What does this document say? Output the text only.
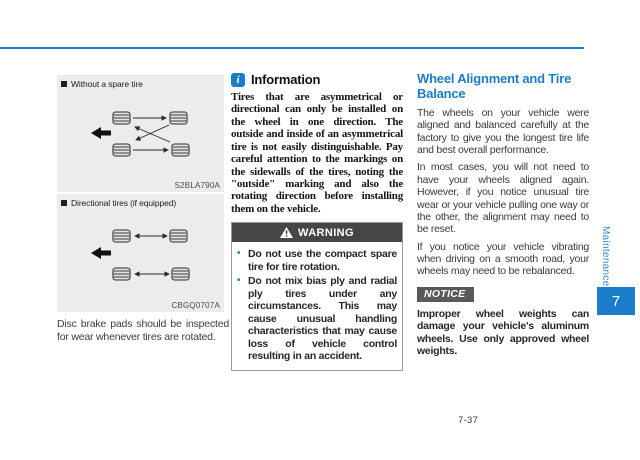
Without a spare tire
S2BLA790A
Directional tires (if equipped)
CBGQ0707A
Disc brake pads should be inspected for wear whenever tires are rotated.
i Information
Tires that are asymmetrical or directional can only be installed on the wheel in one direction. The outside and inside of an asymmetrical tire is not easily distinguishable. Pay careful attention to the markings on the sidewalls of the tires, noting the "outside" marking and also the rotating direction before installing them on the vehicle.
WARNING
• Do not use the compact spare tire for tire rotation.
• Do not mix bias ply and radial ply tires under any circumstances. This may cause unusual handling characteristics that may cause loss of vehicle control resulting in an accident.
Wheel Alignment and Tire Balance

The wheels on your vehicle were aligned and balanced carefully at the factory to give you the longest tire life and best overall performance.

In most cases, you will not need to have your wheels aligned again. However, if you notice unusual tire wear or your vehicle pulling one way or the other, the alignment may need to be reset.

If you notice your vehicle vibrating when driving on a smooth road, your wheels may need to be rebalanced.

NOTICE
Improper wheel weights can damage your vehicle's aluminum wheels. Use only approved wheel weights.
Maintenance
7
7-37
